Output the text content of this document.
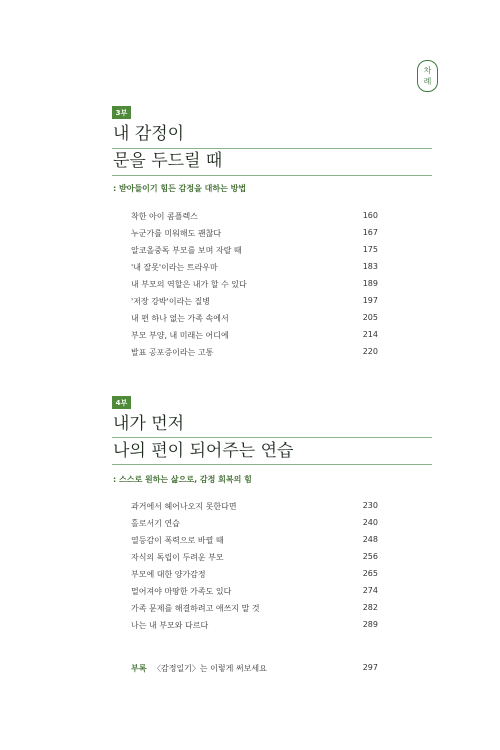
차례
3부
내 감정이
문을 두드릴 때
: 받아들이기 힘든 감정을 대하는 방법
착한 아이 콤플렉스	160
누군가를 미워해도 괜찮다	167
알코올중독 부모를 보며 자랄 때	175
'내 잘못'이라는 트라우마	183
내 부모의 역할은 내가 할 수 있다	189
'저장 강박'이라는 질병	197
내 편 하나 없는 가족 속에서	205
부모 부양, 내 미래는 어디에	214
발표 공포증이라는 고통	220
4부
내가 먼저
나의 편이 되어주는 연습
: 스스로 원하는 삶으로, 감정 회복의 힘
과거에서 헤어나오지 못한다면	230
홀로서기 연습	240
열등감이 폭력으로 바뀔 때	248
자식의 독립이 두려운 부모	256
부모에 대한 양가감정	265
멀어져야 마땅한 가족도 있다	274
가족 문제를 해결하려고 애쓰지 말 것	282
나는 내 부모와 다르다	289
부록 〈감정일기〉는 이렇게 써보세요	297
